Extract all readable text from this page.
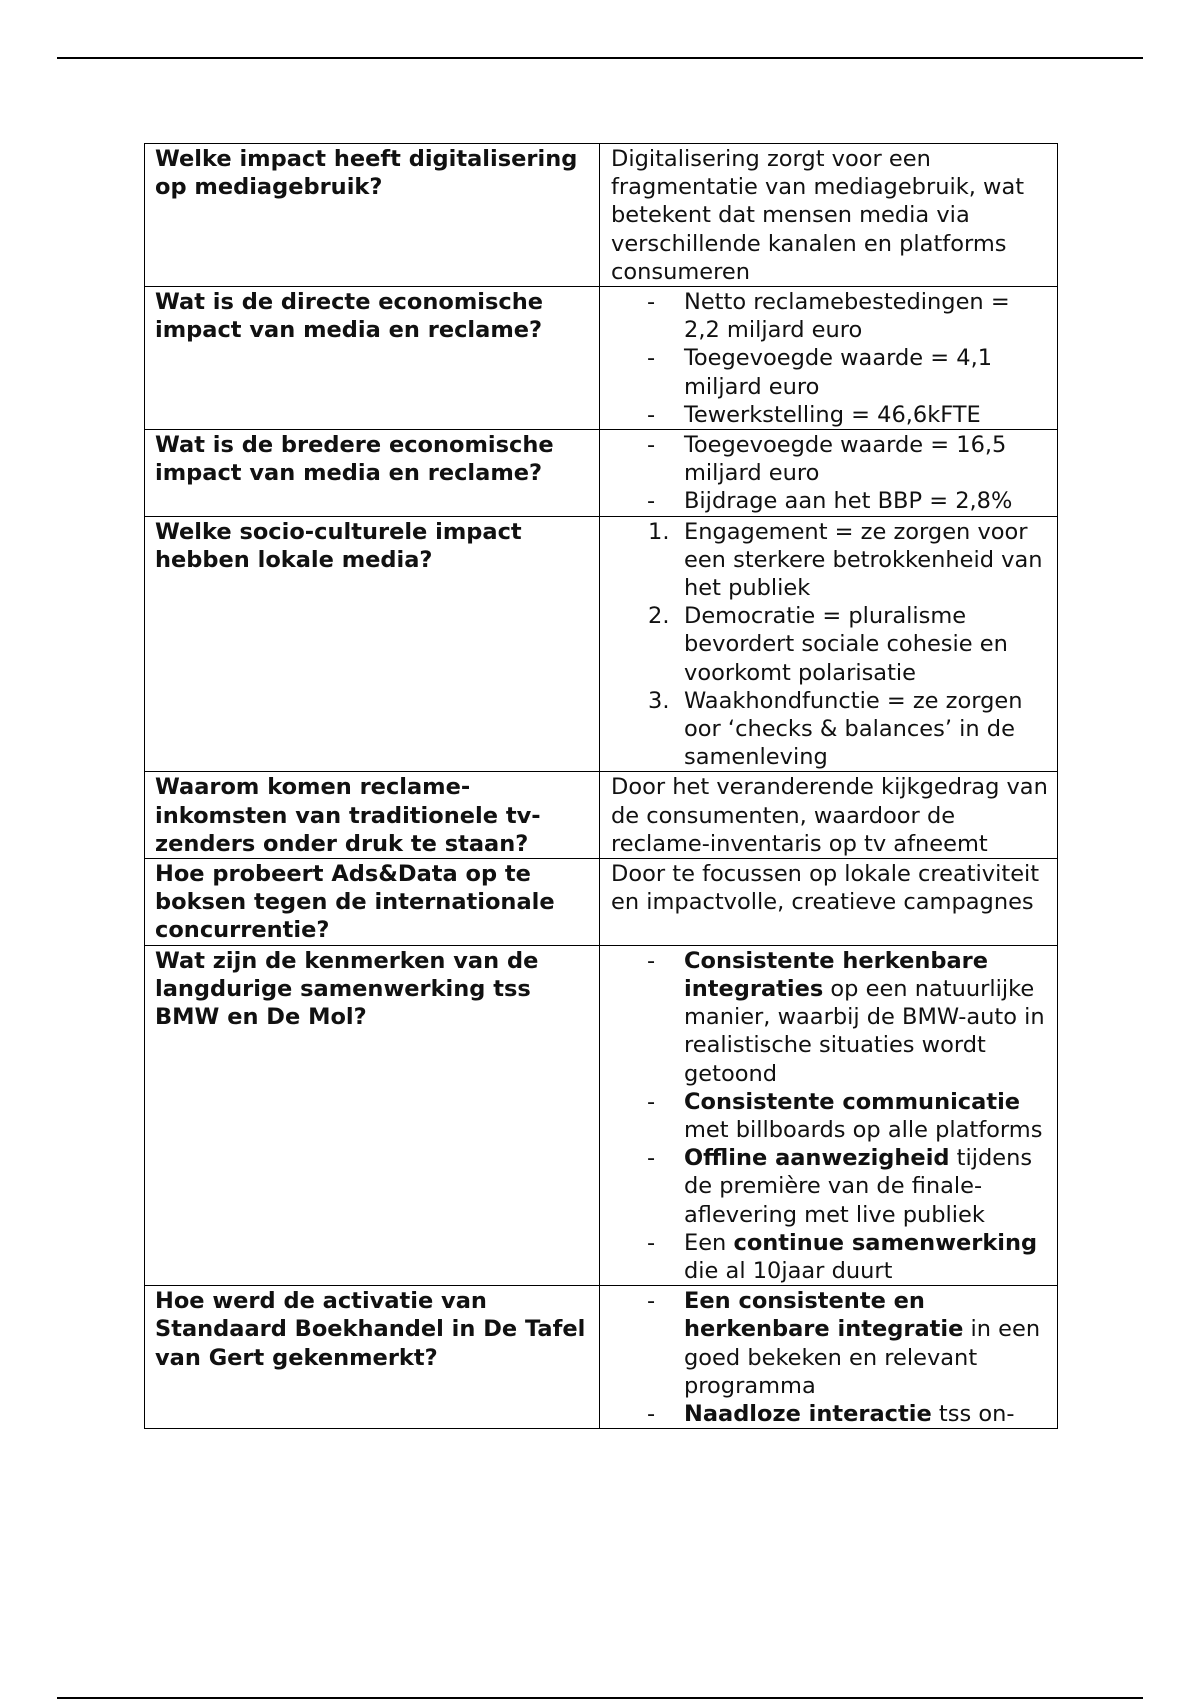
Welke impact heeft digitalisering op mediagebruik?
Digitalisering zorgt voor een fragmentatie van mediagebruik, wat betekent dat mensen media via verschillende kanalen en platforms consumeren
Wat is de directe economische impact van media en reclame?
- Netto reclamebestedingen = 2,2 miljard euro
- Toegevoegde waarde = 4,1 miljard euro
- Tewerkstelling = 46,6kFTE
Wat is de bredere economische impact van media en reclame?
- Toegevoegde waarde = 16,5 miljard euro
- Bijdrage aan het BBP = 2,8%
Welke socio-culturele impact hebben lokale media?
1. Engagement = ze zorgen voor een sterkere betrokkenheid van het publiek
2. Democratie = pluralisme bevordert sociale cohesie en voorkomt polarisatie
3. Waakhondfunctie = ze zorgen oor ‘checks & balances’ in de samenleving
Waarom komen reclame-inkomsten van traditionele tv-zenders onder druk te staan?
Door het veranderende kijkgedrag van de consumenten, waardoor de reclame-inventaris op tv afneemt
Hoe probeert Ads&Data op te boksen tegen de internationale concurrentie?
Door te focussen op lokale creativiteit en impactvolle, creatieve campagnes
Wat zijn de kenmerken van de langdurige samenwerking tss BMW en De Mol?
- Consistente herkenbare integraties op een natuurlijke manier, waarbij de BMW-auto in realistische situaties wordt getoond
- Consistente communicatie met billboards op alle platforms
- Offline aanwezigheid tijdens de première van de finale-aflevering met live publiek
- Een continue samenwerking die al 10jaar duurt
Hoe werd de activatie van Standaard Boekhandel in De Tafel van Gert gekenmerkt?
- Een consistente en herkenbare integratie in een goed bekeken en relevant programma
- Naadloze interactie tss on-
